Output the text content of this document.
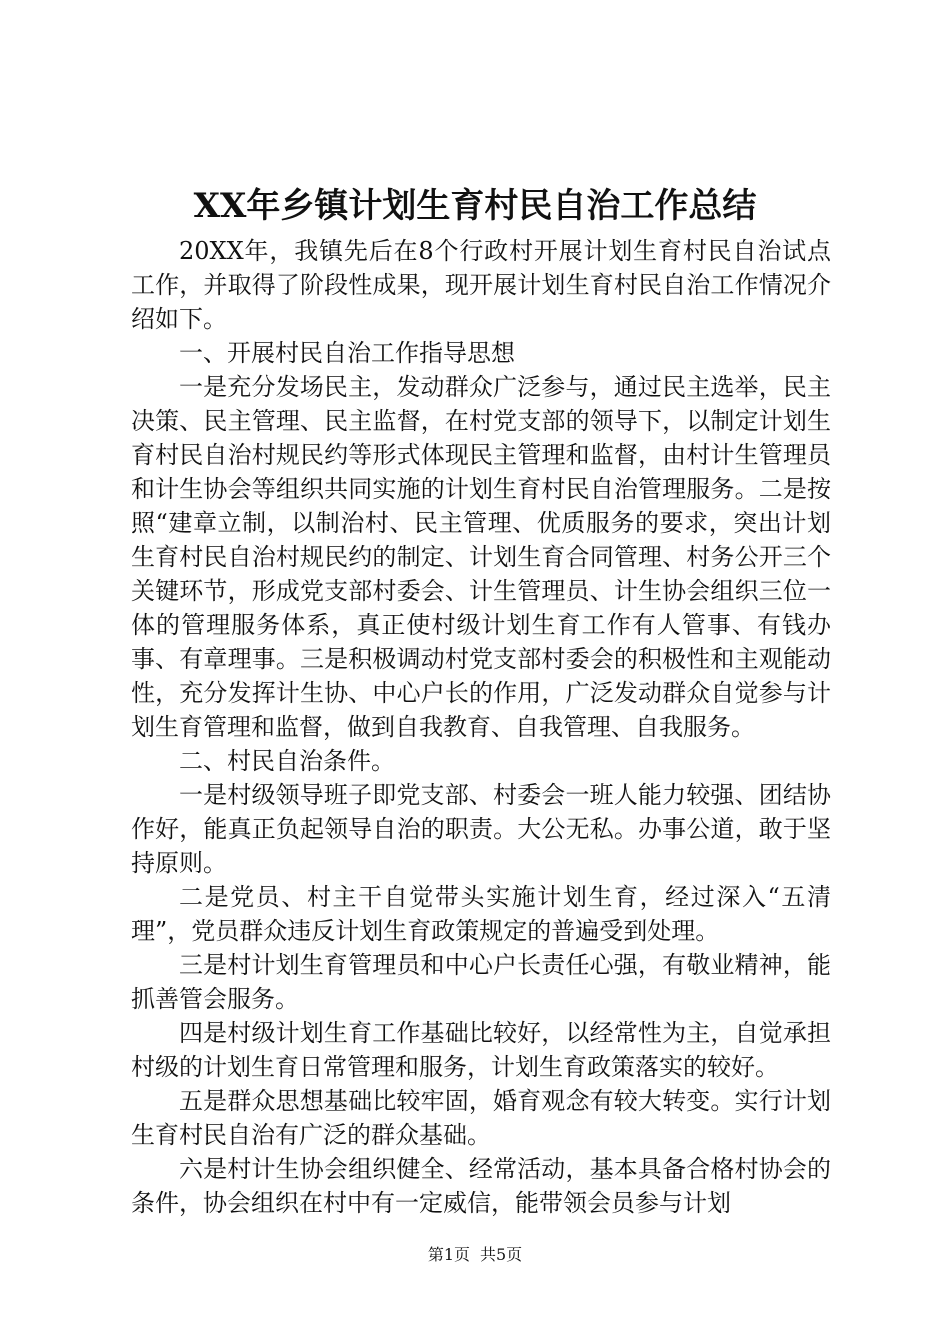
XX年乡镇计划生育村民自治工作总结

20XX年，我镇先后在8个行政村开展计划生育村民自治试点工作，并取得了阶段性成果，现开展计划生育村民自治工作情况介绍如下。

一、开展村民自治工作指导思想

一是充分发场民主，发动群众广泛参与，通过民主选举，民主决策、民主管理、民主监督，在村党支部的领导下，以制定计划生育村民自治村规民约等形式体现民主管理和监督，由村计生管理员和计生协会等组织共同实施的计划生育村民自治管理服务。二是按照“建章立制，以制治村、民主管理、优质服务的要求，突出计划生育村民自治村规民约的制定、计划生育合同管理、村务公开三个关键环节，形成党支部村委会、计生管理员、计生协会组织三位一体的管理服务体系，真正使村级计划生育工作有人管事、有钱办事、有章理事。三是积极调动村党支部村委会的积极性和主观能动性，充分发挥计生协、中心户长的作用，广泛发动群众自觉参与计划生育管理和监督，做到自我教育、自我管理、自我服务。

二、村民自治条件。

一是村级领导班子即党支部、村委会一班人能力较强、团结协作好，能真正负起领导自治的职责。大公无私。办事公道，敢于坚持原则。

二是党员、村主干自觉带头实施计划生育，经过深入“五清理”，党员群众违反计划生育政策规定的普遍受到处理。

三是村计划生育管理员和中心户长责任心强，有敬业精神，能抓善管会服务。

四是村级计划生育工作基础比较好，以经常性为主，自觉承担村级的计划生育日常管理和服务，计划生育政策落实的较好。

五是群众思想基础比较牢固，婚育观念有较大转变。实行计划生育村民自治有广泛的群众基础。

六是村计生协会组织健全、经常活动，基本具备合格村协会的条件，协会组织在村中有一定威信，能带领会员参与计划

第1页 共5页
